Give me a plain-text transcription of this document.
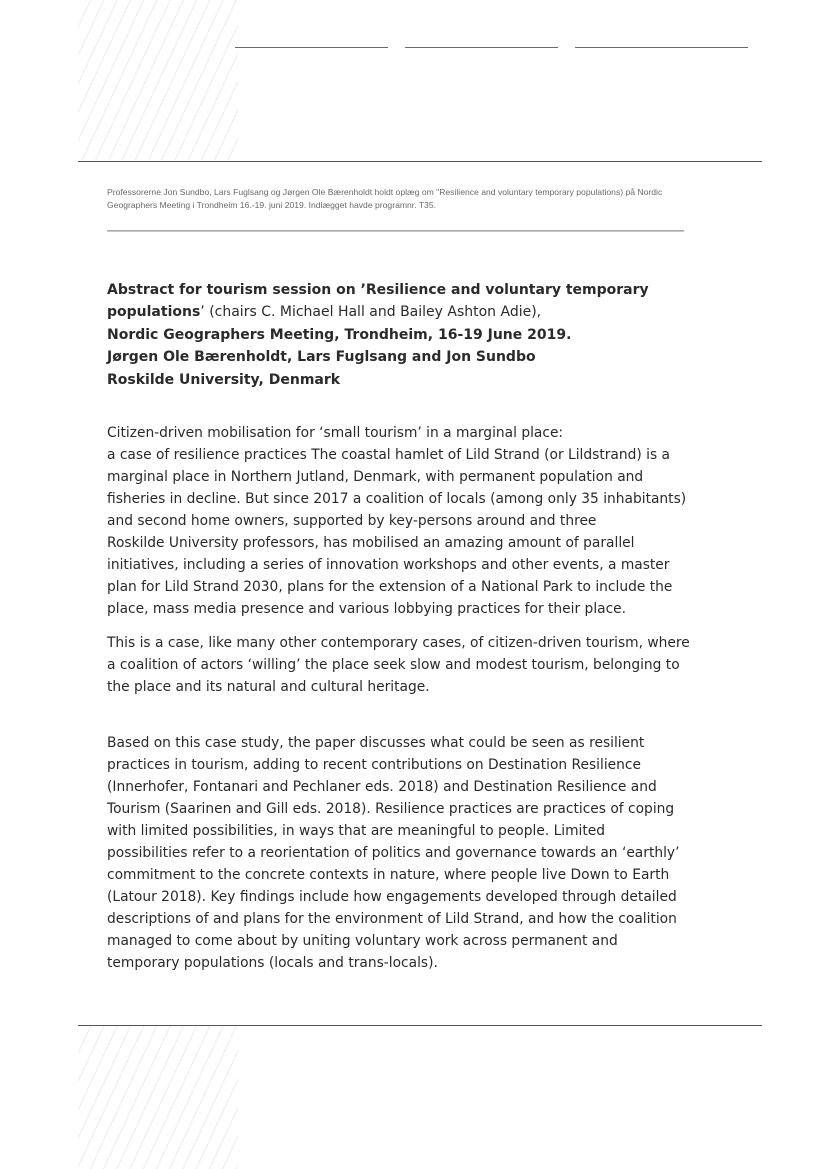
Professorerne Jon Sundbo, Lars Fuglsang og Jørgen Ole Bærenholdt holdt oplæg om "Resilience and voluntary temporary populations) på Nordic Geographers Meeting i Trondheim 16.-19. juni 2019. Indlægget havde programnr. T35.

Abstract for tourism session on ’Resilience and voluntary temporary
populations’ (chairs C. Michael Hall and Bailey Ashton Adie),
Nordic Geographers Meeting, Trondheim, 16-19 June 2019.
Jørgen Ole Bærenholdt, Lars Fuglsang and Jon Sundbo
Roskilde University, Denmark
Citizen-driven mobilisation for ‘small tourism’ in a marginal place:
a case of resilience practices The coastal hamlet of Lild Strand (or Lildstrand) is a
marginal place in Northern Jutland, Denmark, with permanent population and
fisheries in decline. But since 2017 a coalition of locals (among only 35 inhabitants)
and second home owners, supported by key-persons around and three
Roskilde University professors, has mobilised an amazing amount of parallel
initiatives, including a series of innovation workshops and other events, a master
plan for Lild Strand 2030, plans for the extension of a National Park to include the
place, mass media presence and various lobbying practices for their place.
This is a case, like many other contemporary cases, of citizen-driven tourism, where
a coalition of actors ‘willing’ the place seek slow and modest tourism, belonging to
the place and its natural and cultural heritage.
Based on this case study, the paper discusses what could be seen as resilient
practices in tourism, adding to recent contributions on Destination Resilience
(Innerhofer, Fontanari and Pechlaner eds. 2018) and Destination Resilience and
Tourism (Saarinen and Gill eds. 2018). Resilience practices are practices of coping
with limited possibilities, in ways that are meaningful to people. Limited
possibilities refer to a reorientation of politics and governance towards an ‘earthly’
commitment to the concrete contexts in nature, where people live Down to Earth
(Latour 2018). Key findings include how engagements developed through detailed
descriptions of and plans for the environment of Lild Strand, and how the coalition
managed to come about by uniting voluntary work across permanent and
temporary populations (locals and trans-locals).
